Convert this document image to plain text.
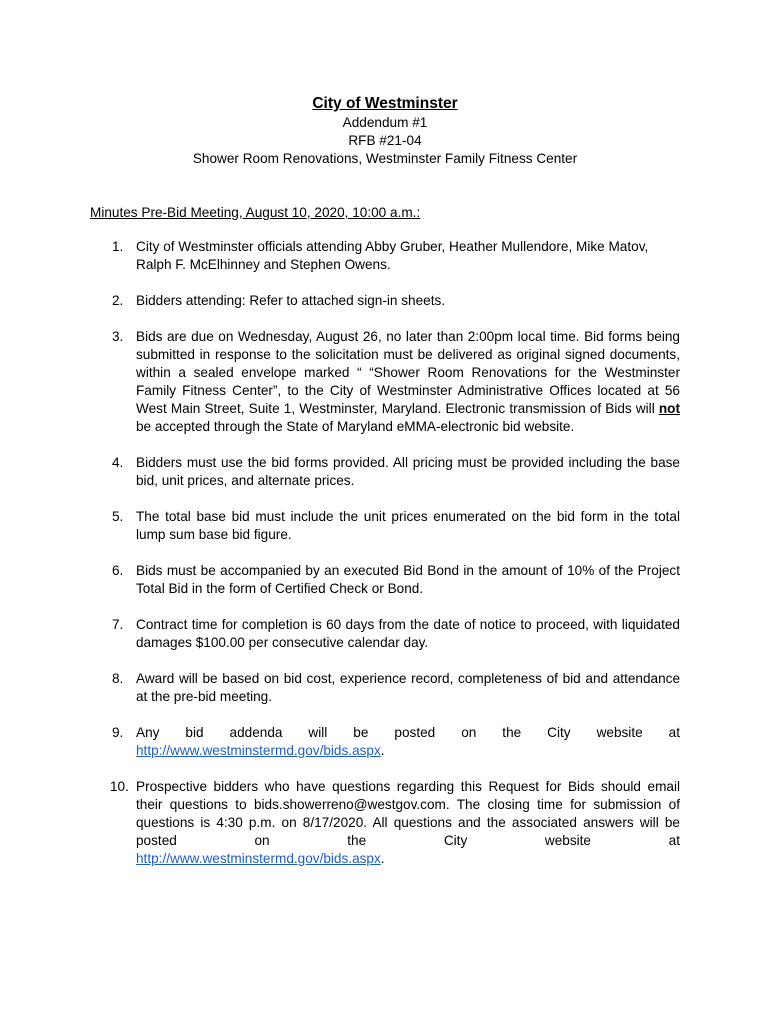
City of Westminster
Addendum #1
RFB #21-04
Shower Room Renovations, Westminster Family Fitness Center
Minutes Pre-Bid Meeting, August 10, 2020, 10:00 a.m.:
1. City of Westminster officials attending Abby Gruber, Heather Mullendore, Mike Matov, Ralph F. McElhinney and Stephen Owens.
2. Bidders attending: Refer to attached sign-in sheets.
3. Bids are due on Wednesday, August 26, no later than 2:00pm local time. Bid forms being submitted in response to the solicitation must be delivered as original signed documents, within a sealed envelope marked “ “Shower Room Renovations for the Westminster Family Fitness Center”, to the City of Westminster Administrative Offices located at 56 West Main Street, Suite 1, Westminster, Maryland. Electronic transmission of Bids will not be accepted through the State of Maryland eMMA-electronic bid website.
4. Bidders must use the bid forms provided. All pricing must be provided including the base bid, unit prices, and alternate prices.
5. The total base bid must include the unit prices enumerated on the bid form in the total lump sum base bid figure.
6. Bids must be accompanied by an executed Bid Bond in the amount of 10% of the Project Total Bid in the form of Certified Check or Bond.
7. Contract time for completion is 60 days from the date of notice to proceed, with liquidated damages $100.00 per consecutive calendar day.
8. Award will be based on bid cost, experience record, completeness of bid and attendance at the pre-bid meeting.
9. Any bid addenda will be posted on the City website at
http://www.westminstermd.gov/bids.aspx.
10. Prospective bidders who have questions regarding this Request for Bids should email their questions to bids.showerreno@westgov.com. The closing time for submission of questions is 4:30 p.m. on 8/17/2020. All questions and the associated answers will be posted on the City website at
http://www.westminstermd.gov/bids.aspx.
